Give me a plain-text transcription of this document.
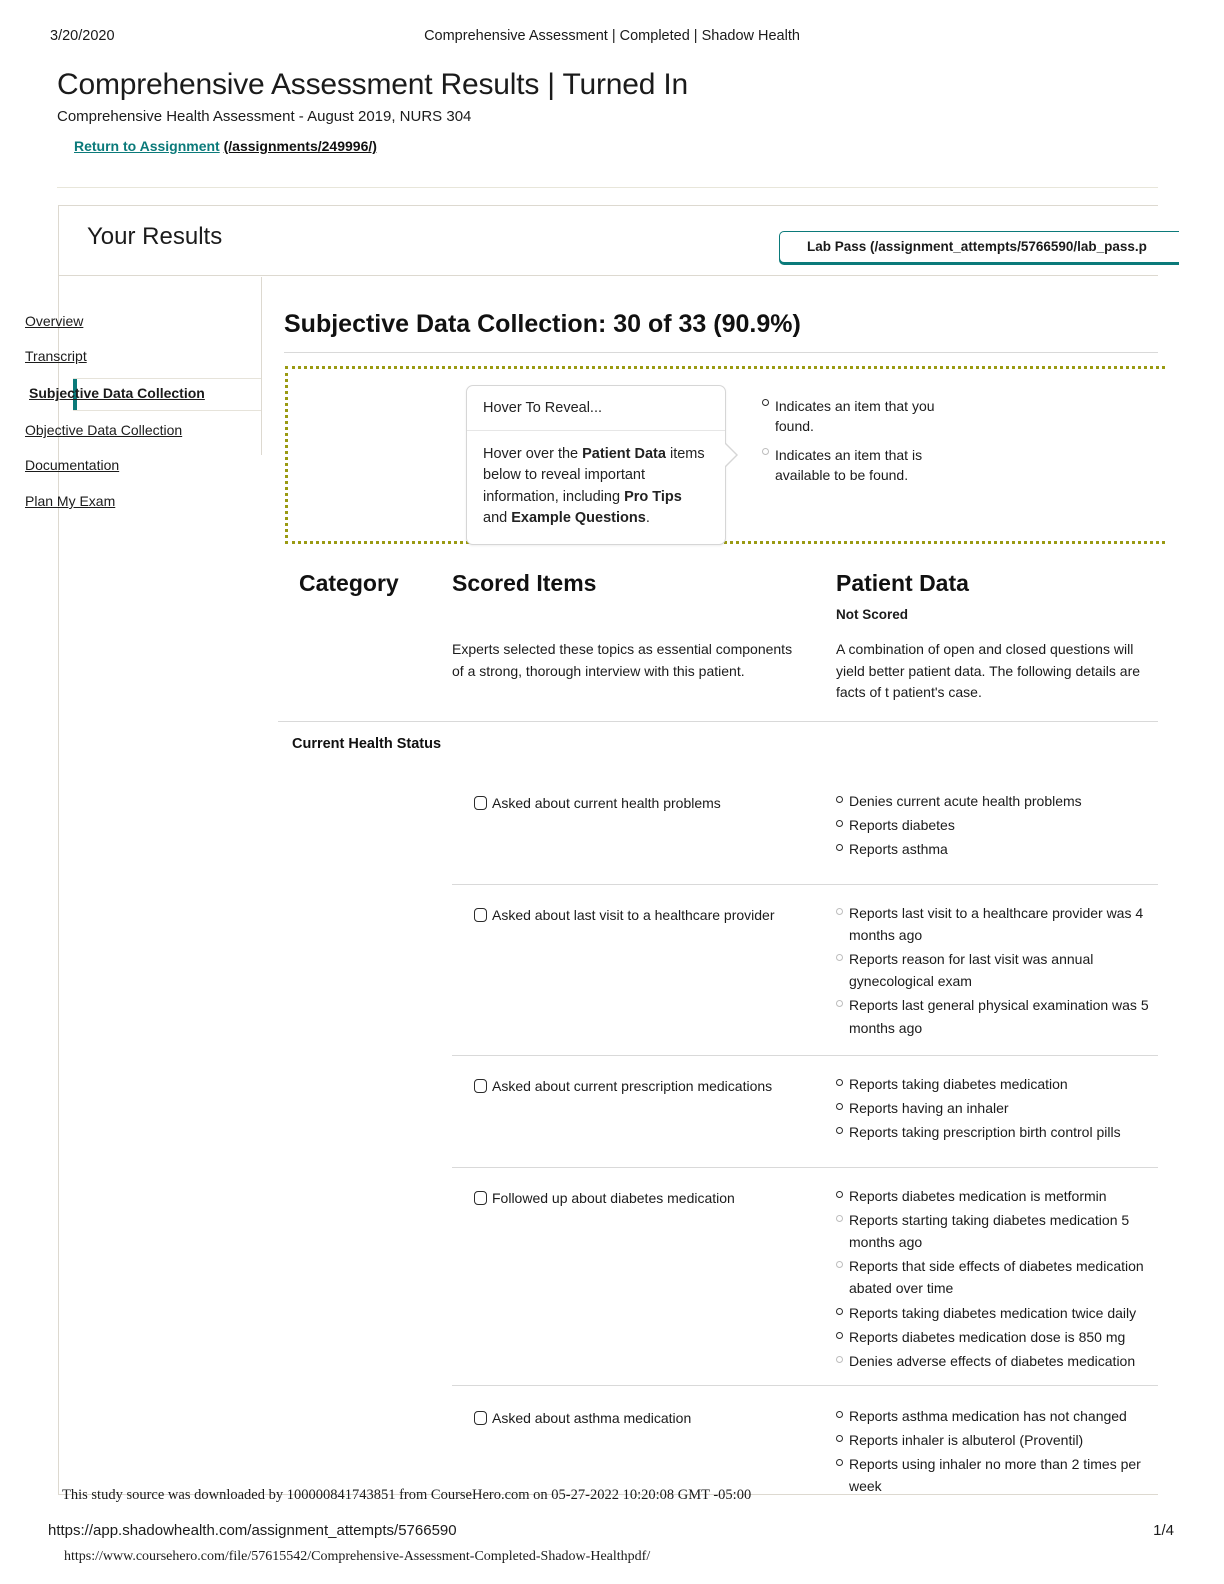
3/20/2020	Comprehensive Assessment | Completed | Shadow Health
Comprehensive Assessment Results | Turned In
Comprehensive Health Assessment - August 2019, NURS 304
Return to Assignment (/assignments/249996/)
Your Results	Lab Pass (/assignment_attempts/5766590/lab_pass.p
Overview
Transcript
Subjective Data Collection
Objective Data Collection
Documentation
Plan My Exam
Subjective Data Collection: 30 of 33 (90.9%)
Hover To Reveal...
Hover over the Patient Data items below to reveal important information, including Pro Tips and Example Questions.
Indicates an item that you found.
Indicates an item that is available to be found.
Category Scored Items	Patient Data
Not Scored
Experts selected these topics as essential components of a strong, thorough interview with this patient.
A combination of open and closed questions will yield better patient data. The following details are facts of t patient's case.
Current Health Status
Asked about current health problems	Denies current acute health problems
Reports diabetes
Reports asthma
Asked about last visit to a healthcare provider	Reports last visit to a healthcare provider was 4 months ago
Reports reason for last visit was annual gynecological exam
Reports last general physical examination was 5 months ago
Asked about current prescription medications	Reports taking diabetes medication
Reports having an inhaler
Reports taking prescription birth control pills
Followed up about diabetes medication	Reports diabetes medication is metformin
Reports starting taking diabetes medication 5 months ago
Reports that side effects of diabetes medication abated over time
Reports taking diabetes medication twice daily
Reports diabetes medication dose is 850 mg
Denies adverse effects of diabetes medication
Asked about asthma medication	Reports asthma medication has not changed
Reports inhaler is albuterol (Proventil)
Reports using inhaler no more than 2 times per week
This study source was downloaded by 100000841743851 from CourseHero.com on 05-27-2022 10:20:08 GMT -05:00
https://app.shadowhealth.com/assignment_attempts/5766590	1/4
https://www.coursehero.com/file/57615542/Comprehensive-Assessment-Completed-Shadow-Healthpdf/
